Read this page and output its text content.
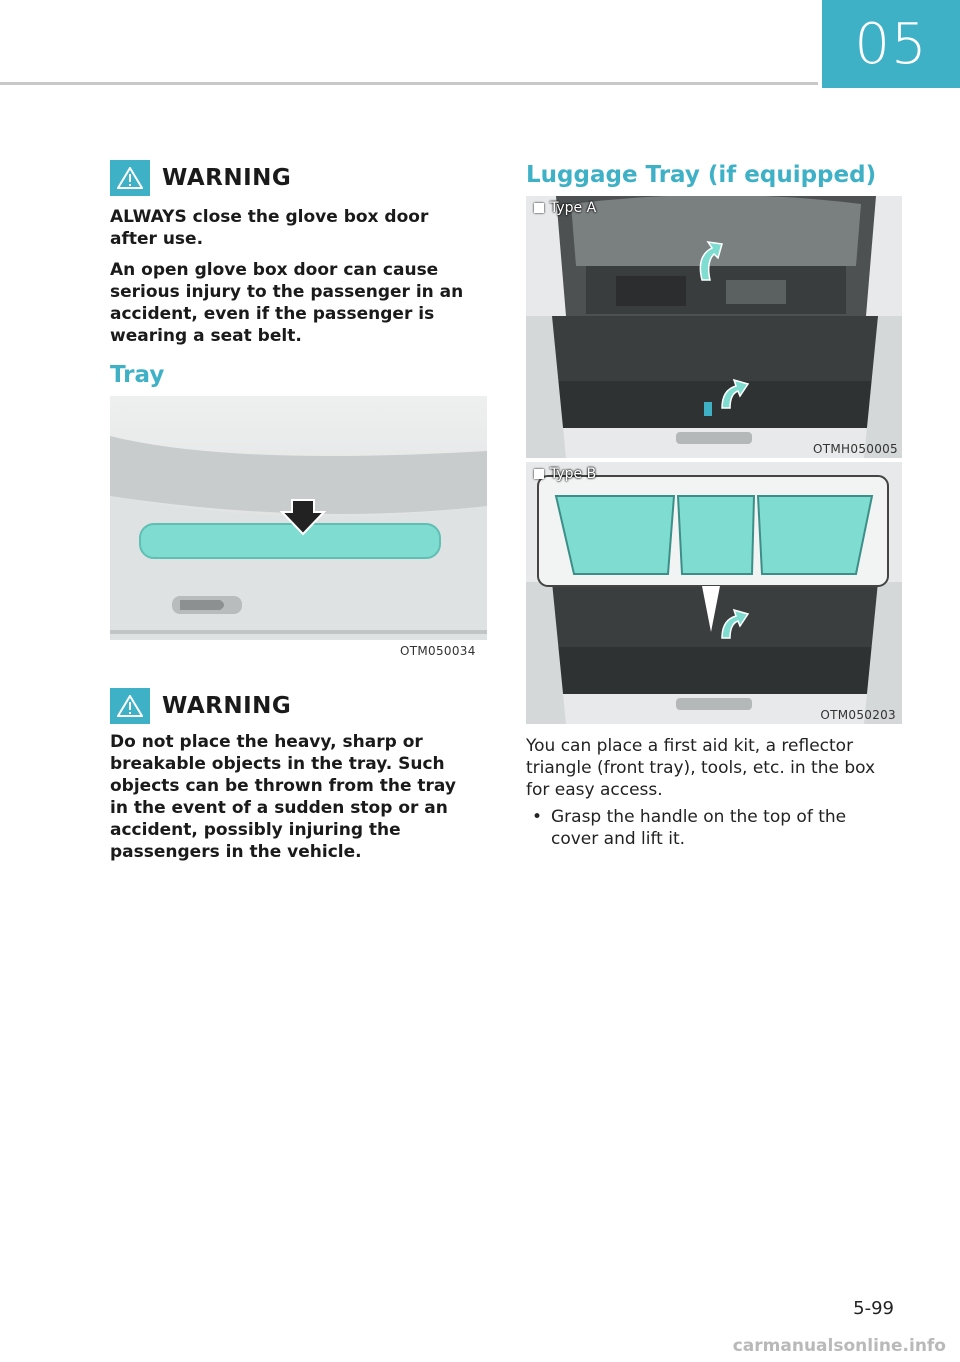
05
WARNING

ALWAYS close the glove box door after use.

An open glove box door can cause serious injury to the passenger in an accident, even if the passenger is wearing a seat belt.

Tray
OTM050034
WARNING

Do not place the heavy, sharp or breakable objects in the tray. Such objects can be thrown from the tray in the event of a sudden stop or an accident, possibly injuring the passengers in the vehicle.

Luggage Tray (if equipped)
Type A
OTMH050005
Type B
OTM050203
You can place a first aid kit, a reflector triangle (front tray), tools, etc. in the box for easy access.
• Grasp the handle on the top of the cover and lift it.
5-99
carmanualsonline.info
